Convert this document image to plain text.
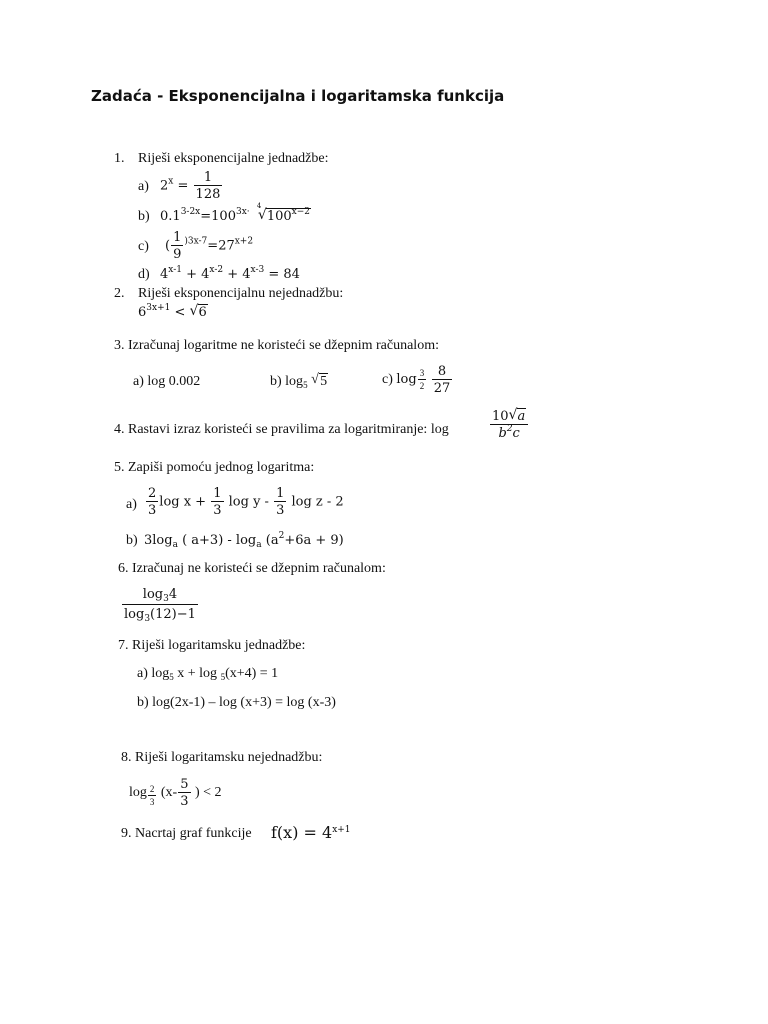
Zadaća - Eksponencijalna i logaritamska funkcija
1. Riješi eksponencijalne jednadžbe:
a) $2^x = \frac{1}{128}$
b) $0.1^{3-2x}=100^{3x\cdot}$
4
√ $100^{x-2}$
c) ( $\frac{1}{9} ^{)3x-7}=27^{x+2}$
d) $4^{x-1} + 4^{x-2} + 4^{x-3} = 84$
2. Riješi eksponencijalnu nejednadžbu:
$6^{3x+1}$ < √ 6
3. Izračunaj logaritme ne koristeći se džepnim računalom:
a) log 0.002	b) $\log_5$ √ 5	c) $\log \frac{3}{2}$
$\frac{8}{27}$
4. Rastavi izraz koristeći se pravilima za logaritmiranje: log	$\frac{10 √ a}{b^2c}$
5. Zapiši pomoću jednog logaritma:
$a) \frac{2}{3}$ $\log x + \frac{1}{3}$ log y - $\frac{1}{3}$ log z - 2
b) $3\log_a$ ( $a+3) - \log_a (a^2+6a + 9)$
6. Izračunaj ne koristeći se džepnim računalom:
$\frac{\log_34}{\log_3(12)-1}$
7. Riješi logaritamsku jednadžbe:
a) $\log_5 x + \log _5(x+4) = 1$
b) log(2x-1) – log (x+3) = log (x-3)
8. Riješi logaritamsku nejednadžbu:
$\log \frac{2}{3} (x- \frac{5}{3}$ ) < 2
9. Nacrtaj graf funkcije $f(x) = 4^{x+1}$
